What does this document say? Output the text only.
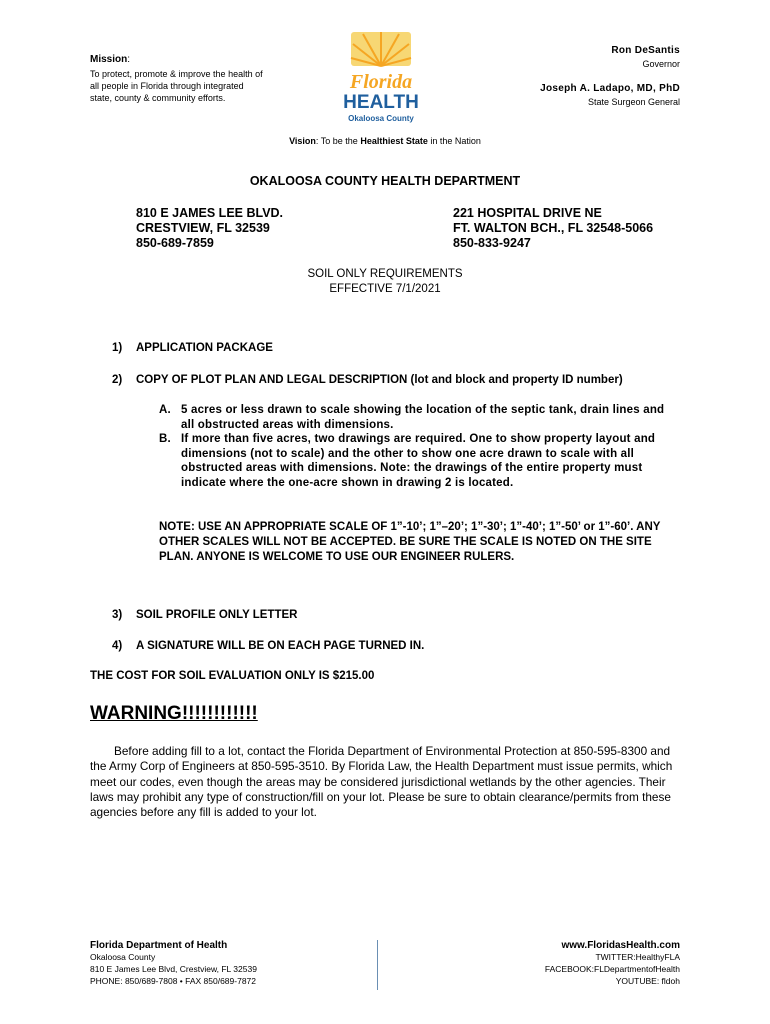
Mission:
To protect, promote & improve the health of all people in Florida through integrated state, county & community efforts.
Florida
HEALTH
Okaloosa County
Ron DeSantis
Governor
Joseph A. Ladapo, MD, PhD
State Surgeon General
Vision: To be the Healthiest State in the Nation
OKALOOSA COUNTY HEALTH DEPARTMENT
810 E JAMES LEE BLVD.
CRESTVIEW, FL 32539
850-689-7859
221 HOSPITAL DRIVE NE
FT. WALTON BCH., FL 32548-5066
850-833-9247
SOIL ONLY REQUIREMENTS
EFFECTIVE 7/1/2021
1) APPLICATION PACKAGE
2) COPY OF PLOT PLAN AND LEGAL DESCRIPTION (lot and block and property ID number)
A. 5 acres or less drawn to scale showing the location of the septic tank, drain lines and all obstructed areas with dimensions.
B. If more than five acres, two drawings are required. One to show property layout and dimensions (not to scale) and the other to show one acre drawn to scale with all obstructed areas with dimensions. Note: the drawings of the entire property must indicate where the one-acre shown in drawing 2 is located.
NOTE: USE AN APPROPRIATE SCALE OF 1”-10’; 1”–20’; 1”-30’; 1”-40’; 1”-50’ or 1”-60’. ANY OTHER SCALES WILL NOT BE ACCEPTED. BE SURE THE SCALE IS NOTED ON THE SITE PLAN. ANYONE IS WELCOME TO USE OUR ENGINEER RULERS.
3) SOIL PROFILE ONLY LETTER
4) A SIGNATURE WILL BE ON EACH PAGE TURNED IN.
THE COST FOR SOIL EVALUATION ONLY IS $215.00
WARNING!!!!!!!!!!!!
Before adding fill to a lot, contact the Florida Department of Environmental Protection at 850-595-8300 and the Army Corp of Engineers at 850-595-3510. By Florida Law, the Health Department must issue permits, which meet our codes, even though the areas may be considered jurisdictional wetlands by the other agencies. Their laws may prohibit any type of construction/fill on your lot. Please be sure to obtain clearance/permits from these agencies before any fill is added to your lot.
Florida Department of Health
Okaloosa County
810 E James Lee Blvd, Crestview, FL 32539
PHONE: 850/689-7808 • FAX 850/689-7872
www.FloridasHealth.com
TWITTER:HealthyFLA
FACEBOOK:FLDepartmentofHealth
YOUTUBE: fldoh
